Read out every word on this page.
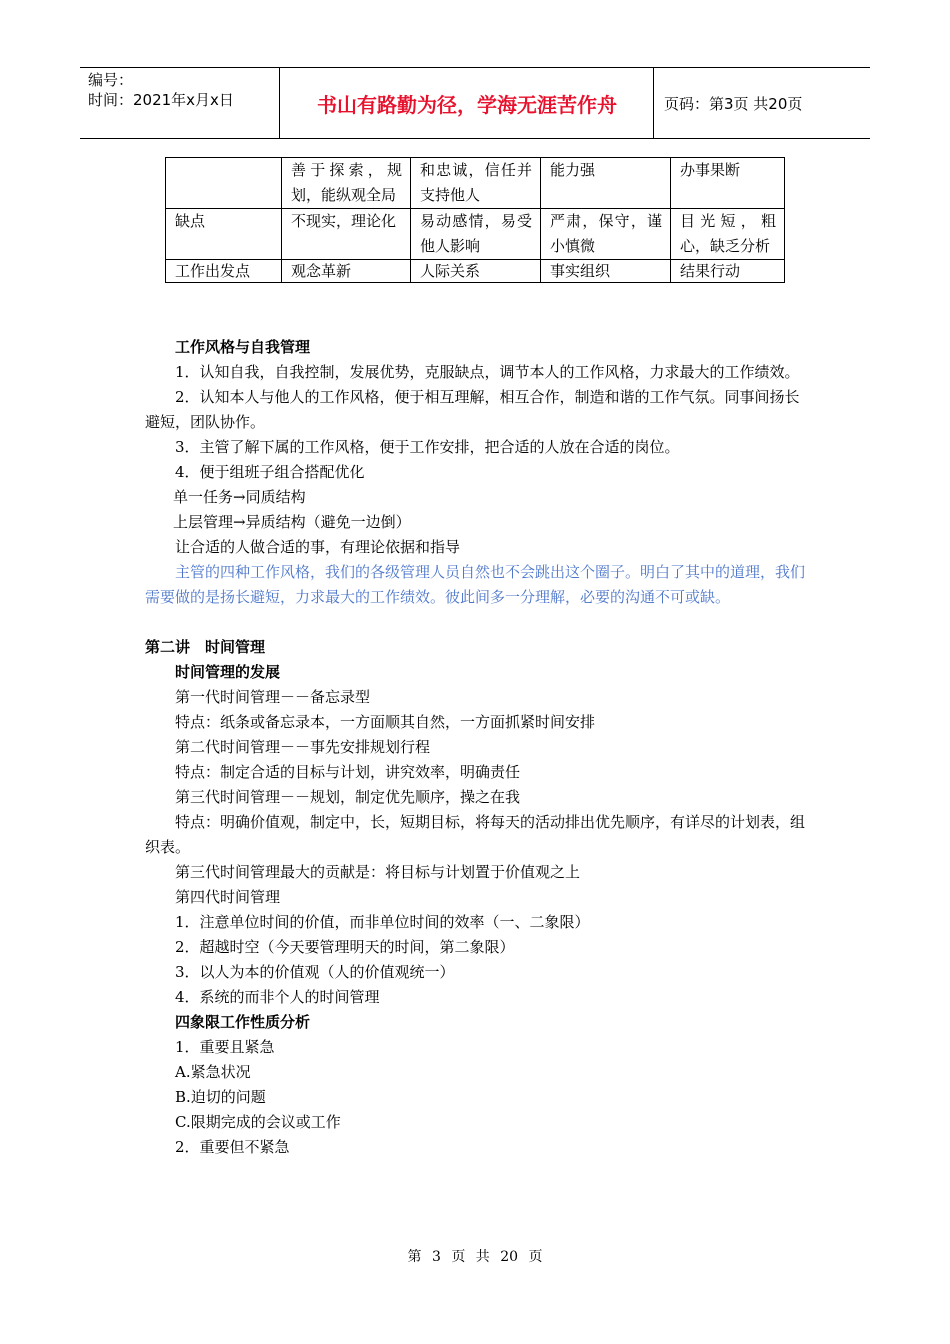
编号：
时间：2021年x月x日	书山有路勤为径，学海无涯苦作舟	页码：第3页 共20页
	善于探索，规划，能纵观全局	和忠诚，信任并支持他人	能力强	办事果断
缺点	不现实，理论化	易动感情，易受他人影响	严肃，保守，谨小慎微	目光短，粗心，缺乏分析
工作出发点	观念革新	人际关系	事实组织	结果行动

工作风格与自我管理

1．认知自我，自我控制，发展优势，克服缺点，调节本人的工作风格，力求最大的工作绩效。

2．认知本人与他人的工作风格，便于相互理解，相互合作，制造和谐的工作气氛。同事间扬长避短，团队协作。

3．主管了解下属的工作风格，便于工作安排，把合适的人放在合适的岗位。

4．便于组班子组合搭配优化

单一任务→同质结构

上层管理→异质结构（避免一边倒）

让合适的人做合适的事，有理论依据和指导

主管的四种工作风格，我们的各级管理人员自然也不会跳出这个圈子。明白了其中的道理，我们需要做的是扬长避短，力求最大的工作绩效。彼此间多一分理解，必要的沟通不可或缺。

第二讲　时间管理

时间管理的发展

第一代时间管理－－备忘录型

特点：纸条或备忘录本，一方面顺其自然，一方面抓紧时间安排

第二代时间管理－－事先安排规划行程

特点：制定合适的目标与计划，讲究效率，明确责任

第三代时间管理－－规划，制定优先顺序，操之在我

特点：明确价值观，制定中，长，短期目标，将每天的活动排出优先顺序，有详尽的计划表，组织表。

第三代时间管理最大的贡献是：将目标与计划置于价值观之上

第四代时间管理

1．注意单位时间的价值，而非单位时间的效率（一、二象限）

2．超越时空（今天要管理明天的时间，第二象限）

3．以人为本的价值观（人的价值观统一）

4．系统的而非个人的时间管理

四象限工作性质分析

1．重要且紧急

A.紧急状况

B.迫切的问题

C.限期完成的会议或工作

2．重要但不紧急

第 3 页 共 20 页
